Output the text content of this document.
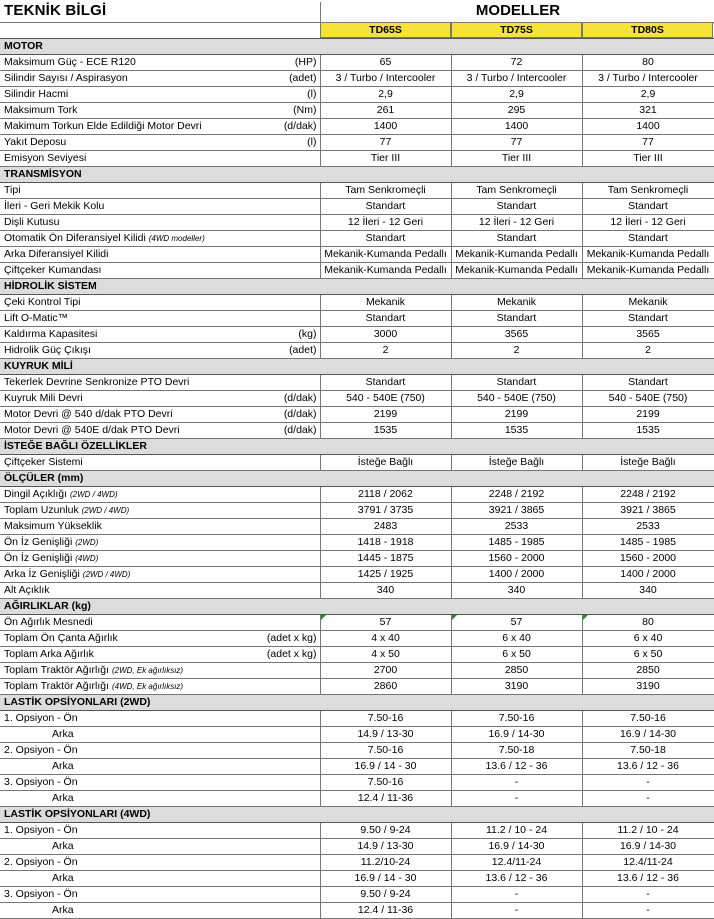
TEKNİK BİLGİ	MODELLER
TD65S	TD75S	TD80S
MOTOR				
Maksimum Güç - ECE R120	(HP)	65	72	80
Silindir Sayısı / Aspirasyon	(adet)	3 / Turbo / Intercooler	3 / Turbo / Intercooler	3 / Turbo / Intercooler
Silindir Hacmi	(l)	2,9	2,9	2,9
Maksimum Tork	(Nm)	261	295	321
Makimum Torkun Elde Edildiği Motor Devri	(d/dak)	1400	1400	1400
Yakıt Deposu	(l)	77	77	77
Emisyon Seviyesi		Tier III	Tier III	Tier III
TRANSMİSYON				
Tipi		Tam Senkromeçli	Tam Senkromeçli	Tam Senkromeçli
İleri - Geri Mekik Kolu		Standart	Standart	Standart
Dişli Kutusu		12 İleri - 12 Geri	12 İleri - 12 Geri	12 İleri - 12 Geri
Otomatik Ön Diferansiyel Kilidi (4WD modeller)		Standart	Standart	Standart
Arka Diferansiyel Kilidi		Mekanik-Kumanda Pedallı	Mekanik-Kumanda Pedallı	Mekanik-Kumanda Pedallı
Çiftçeker Kumandası		Mekanik-Kumanda Pedallı	Mekanik-Kumanda Pedallı	Mekanik-Kumanda Pedallı
HİDROLİK SİSTEM				
Çeki Kontrol Tipi		Mekanik	Mekanik	Mekanik
Lift O-Matic™		Standart	Standart	Standart
Kaldırma Kapasitesi	(kg)	3000	3565	3565
Hidrolik Güç Çıkışı	(adet)	2	2	2
KUYRUK MİLİ				
Tekerlek Devrine Senkronize PTO Devri		Standart	Standart	Standart
Kuyruk Mili Devri	(d/dak)	540 - 540E (750)	540 - 540E (750)	540 - 540E (750)
Motor Devri @ 540 d/dak PTO Devri	(d/dak)	2199	2199	2199
Motor Devri @ 540E d/dak PTO Devri	(d/dak)	1535	1535	1535
İSTEĞE BAĞLI ÖZELLİKLER				
Çiftçeker Sistemi		İsteğe Bağlı	İsteğe Bağlı	İsteğe Bağlı
ÖLÇÜLER (mm)				
Dingil Açıklığı (2WD / 4WD)		2118 / 2062	2248 / 2192	2248 / 2192
Toplam Uzunluk (2WD / 4WD)		3791 / 3735	3921 / 3865	3921 / 3865
Maksimum Yükseklik		2483	2533	2533
Ön İz Genişliği (2WD)		1418 - 1918	1485 - 1985	1485 - 1985
Ön İz Genişliği (4WD)		1445 - 1875	1560 - 2000	1560 - 2000
Arka İz Genişliği (2WD / 4WD)		1425 / 1925	1400 / 2000	1400 / 2000
Alt Açıklık		340	340	340
AĞIRLIKLAR (kg)				
Ön Ağırlık Mesnedi		57	57	80
Toplam Ön Çanta Ağırlık	(adet x kg)	4 x 40	6 x 40	6 x 40
Toplam Arka Ağırlık	(adet x kg)	4 x 50	6 x 50	6 x 50
Toplam Traktör Ağırlığı (2WD, Ek ağırlıksız)		2700	2850	2850
Toplam Traktör Ağırlığı (4WD, Ek ağırlıksız)		2860	3190	3190
LASTİK OPSİYONLARI (2WD)				
1. Opsiyon - Ön		7.50-16	7.50-16	7.50-16
Arka		14.9 / 13-30	16.9 / 14-30	16.9 / 14-30
2. Opsiyon - Ön		7.50-16	7.50-18	7.50-18
Arka		16.9 / 14 - 30	13.6 / 12 - 36	13.6 / 12 - 36
3. Opsiyon - Ön		7.50-16	-	-
Arka		12.4 / 11-36	-	-
LASTİK OPSİYONLARI (4WD)				
1. Opsiyon - Ön		9.50 / 9-24	11.2 / 10 - 24	11.2 / 10 - 24
Arka		14.9 / 13-30	16.9 / 14-30	16.9 / 14-30
2. Opsiyon - Ön		11.2/10-24	12.4/11-24	12.4/11-24
Arka		16.9 / 14 - 30	13.6 / 12 - 36	13.6 / 12 - 36
3. Opsiyon - Ön		9.50 / 9-24	-	-
Arka		12.4 / 11-36	-	-
